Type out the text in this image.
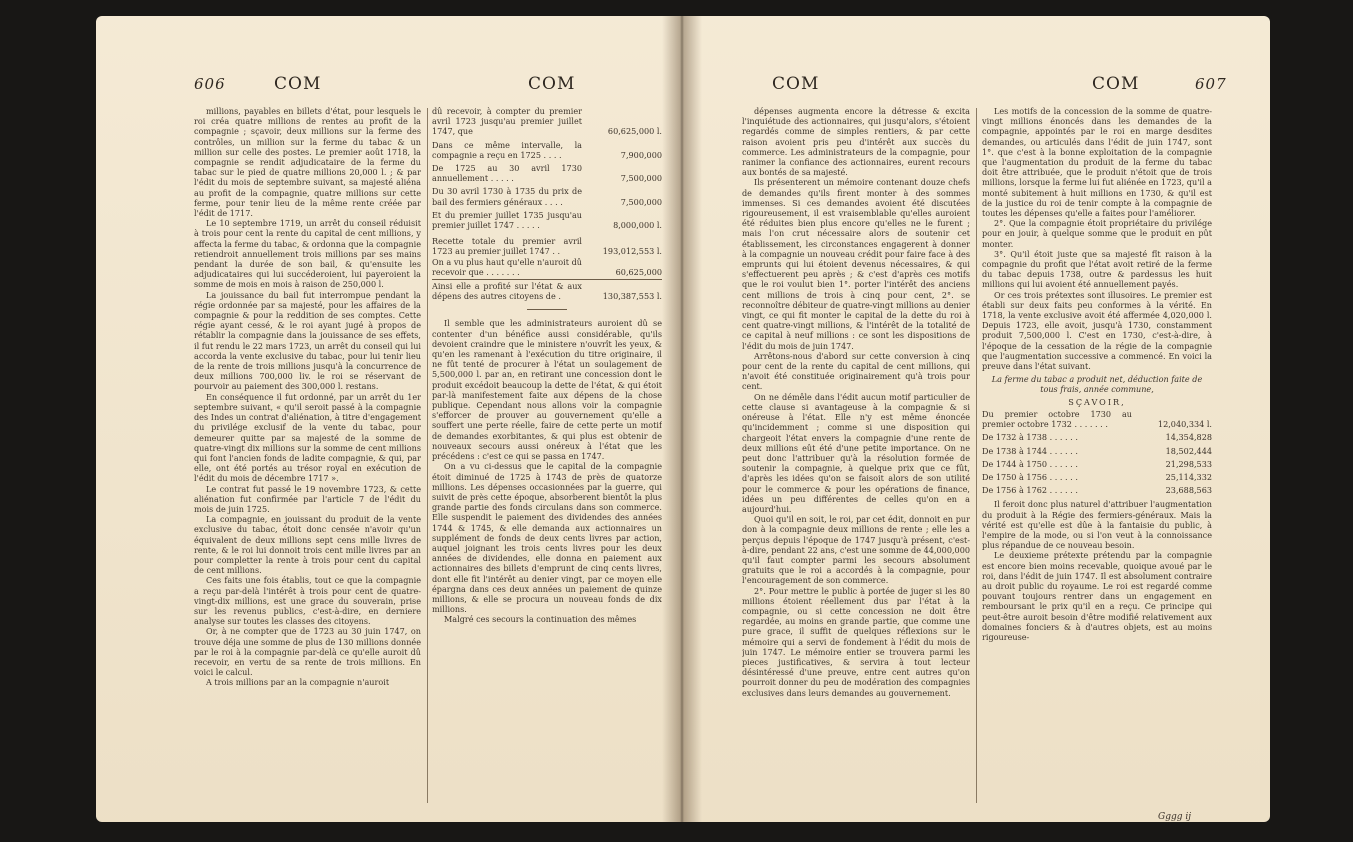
606	COM	COM

millions, payables en billets d'état, pour lesquels le roi créa quatre millions de rentes au profit de la compagnie ; sçavoir, deux millions sur la ferme des contrôles, un million sur la ferme du tabac & un million sur celle des postes. Le premier août 1718, la compagnie se rendit adjudicataire de la ferme du tabac sur le pied de quatre millions 20,000 l. ; & par l'édit du mois de septembre suivant, sa majesté aliéna au profit de la compagnie, quatre millions sur cette ferme, pour tenir lieu de la même rente créée par l'édit de 1717.

Le 10 septembre 1719, un arrêt du conseil réduisit à trois pour cent la rente du capital de cent millions, y affecta la ferme du tabac, & ordonna que la compagnie retiendroit annuellement trois millions par ses mains pendant la durée de son bail, & qu'ensuite les adjudicataires qui lui succéderoient, lui payeroient la somme de mois en mois à raison de 250,000 l.

La jouissance du bail fut interrompue pendant la régie ordonnée par sa majesté, pour les affaires de la compagnie & pour la reddition de ses comptes. Cette régie ayant cessé, & le roi ayant jugé à propos de rétablir la compagnie dans la jouissance de ses effets, il fut rendu le 22 mars 1723, un arrêt du conseil qui lui accorda la vente exclusive du tabac, pour lui tenir lieu de la rente de trois millions jusqu'à la concurrence de deux millions 700,000 liv. le roi se réservant de pourvoir au paiement des 300,000 l. restans.

En conséquence il fut ordonné, par un arrêt du 1er septembre suivant, « qu'il seroit passé à la compagnie des Indes un contrat d'aliénation, à titre d'engagement du privilége exclusif de la vente du tabac, pour demeurer quitte par sa majesté de la somme de quatre-vingt dix millions sur la somme de cent millions qui font l'ancien fonds de ladite compagnie, & qui, par elle, ont été portés au trésor royal en exécution de l'édit du mois de décembre 1717 ».

Le contrat fut passé le 19 novembre 1723, & cette aliénation fut confirmée par l'article 7 de l'édit du mois de juin 1725.

La compagnie, en jouissant du produit de la vente exclusive du tabac, étoit donc censée n'avoir qu'un équivalent de deux millions sept cens mille livres de rente, & le roi lui donnoit trois cent mille livres par an pour completter la rente à trois pour cent du capital de cent millions.

Ces faits une fois établis, tout ce que la compagnie a reçu par-delà l'intérêt à trois pour cent de quatre-vingt-dix millions, est une grace du souverain, prise sur les revenus publics, c'est-à-dire, en derniere analyse sur toutes les classes des citoyens.

Or, à ne compter que de 1723 au 30 juin 1747, on trouve déja une somme de plus de 130 millions donnée par le roi à la compagnie par-delà ce qu'elle auroit dû recevoir, en vertu de sa rente de trois millions. En voici le calcul.

A trois millions par an la compagnie n'auroit

dû recevoir, à compter du premier avril 1723 jusqu'au premier juillet 1747, que	60,625,000 l.
Dans ce même intervalle, la compagnie a reçu en 1725 . . . .	7,900,000
De 1725 au 30 avril 1730 annuellement . . . . .	7,500,000
Du 30 avril 1730 à 1735 du prix de bail des fermiers généraux . . . .	7,500,000
Et du premier juillet 1735 jusqu'au premier juillet 1747 . . . . .	8,000,000 l.
Recette totale du premier avril 1723 au premier juillet 1747 . .	193,012,553 l.
On a vu plus haut qu'elle n'auroit dû recevoir que . . . . . . .	60,625,000
Ainsi elle a profité sur l'état & aux dépens des autres citoyens de .	130,387,553 l.

Il semble que les administrateurs auroient dû se contenter d'un bénéfice aussi considérable, qu'ils devoient craindre que le ministere n'ouvrît les yeux, & qu'en les ramenant à l'exécution du titre originaire, il ne fût tenté de procurer à l'état un soulagement de 5,500,000 l. par an, en retirant une concession dont le produit excédoit beaucoup la dette de l'état, & qui étoit par-là manifestement faite aux dépens de la chose publique. Cependant nous allons voir la compagnie s'efforcer de prouver au gouvernement qu'elle a souffert une perte réelle, faire de cette perte un motif de demandes exorbitantes, & qui plus est obtenir de nouveaux secours aussi onéreux à l'état que les précédens : c'est ce qui se passa en 1747.

On a vu ci-dessus que le capital de la compagnie étoit diminué de 1725 à 1743 de près de quatorze millions. Les dépenses occasionnées par la guerre, qui suivit de près cette époque, absorberent bientôt la plus grande partie des fonds circulans dans son commerce. Elle suspendit le paiement des dividendes des années 1744 & 1745, & elle demanda aux actionnaires un supplément de fonds de deux cents livres par action, auquel joignant les trois cents livres pour les deux années de dividendes, elle donna en paiement aux actionnaires des billets d'emprunt de cinq cents livres, dont elle fit l'intérêt au denier vingt, par ce moyen elle épargna dans ces deux années un paiement de quinze millions, & elle se procura un nouveau fonds de dix millions.

Malgré ces secours la continuation des mêmes

COM	COM	607

dépenses augmenta encore la détresse & excita l'inquiétude des actionnaires, qui jusqu'alors, s'étoient regardés comme de simples rentiers, & par cette raison avoient pris peu d'intérêt aux succès du commerce. Les administrateurs de la compagnie, pour ranimer la confiance des actionnaires, eurent recours aux bontés de sa majesté.

Ils présenterent un mémoire contenant douze chefs de demandes qu'ils firent monter à des sommes immenses. Si ces demandes avoient été discutées rigoureusement, il est vraisemblable qu'elles auroient été réduites bien plus encore qu'elles ne le furent ; mais l'on crut nécessaire alors de soutenir cet établissement, les circonstances engagerent à donner à la compagnie un nouveau crédit pour faire face à des emprunts qui lui étoient devenus nécessaires, & qui s'effectuerent peu après ; & c'est d'après ces motifs que le roi voulut bien 1°. porter l'intérêt des anciens cent millions de trois à cinq pour cent, 2°. se reconnoître débiteur de quatre-vingt millions au denier vingt, ce qui fit monter le capital de la dette du roi à cent quatre-vingt millions, & l'intérêt de la totalité de ce capital à neuf millions : ce sont les dispositions de l'édit du mois de juin 1747.

Arrêtons-nous d'abord sur cette conversion à cinq pour cent de la rente du capital de cent millions, qui n'avoit été constituée originairement qu'à trois pour cent.

On ne démêle dans l'édit aucun motif particulier de cette clause si avantageuse à la compagnie & si onéreuse à l'état. Elle n'y est même énoncée qu'incidemment ; comme si une disposition qui chargeoit l'état envers la compagnie d'une rente de deux millions eût été d'une petite importance. On ne peut donc l'attribuer qu'à la résolution formée de soutenir la compagnie, à quelque prix que ce fût, d'après les idées qu'on se faisoit alors de son utilité pour le commerce & pour les opérations de finance, idées un peu différentes de celles qu'on en a aujourd'hui.

Quoi qu'il en soit, le roi, par cet édit, donnoit en pur don à la compagnie deux millions de rente ; elle les a perçus depuis l'époque de 1747 jusqu'à présent, c'est-à-dire, pendant 22 ans, c'est une somme de 44,000,000 qu'il faut compter parmi les secours absolument gratuits que le roi a accordés à la compagnie, pour l'encouragement de son commerce.

2°. Pour mettre le public à portée de juger si les 80 millions étoient réellement dus par l'état à la compagnie, ou si cette concession ne doit être regardée, au moins en grande partie, que comme une pure grace, il suffit de quelques réflexions sur le mémoire qui a servi de fondement à l'édit du mois de juin 1747. Le mémoire entier se trouvera parmi les pieces justificatives, & servira à tout lecteur désintéressé d'une preuve, entre cent autres qu'on pourroit donner du peu de modération des compagnies exclusives dans leurs demandes au gouvernement.

Les motifs de la concession de la somme de quatre-vingt millions énoncés dans les demandes de la compagnie, appointés par le roi en marge desdites demandes, ou articulés dans l'édit de juin 1747, sont 1°. que c'est à la bonne exploitation de la compagnie que l'augmentation du produit de la ferme du tabac doit être attribuée, que le produit n'étoit que de trois millions, lorsque la ferme lui fut aliénée en 1723, qu'il a monté subitement à huit millions en 1730, & qu'il est de la justice du roi de tenir compte à la compagnie de toutes les dépenses qu'elle a faites pour l'améliorer.

2°. Que la compagnie étoit propriétaire du privilége pour en jouir, à quelque somme que le produit en pût monter.

3°. Qu'il étoit juste que sa majesté fît raison à la compagnie du profit que l'état avoit retiré de la ferme du tabac depuis 1738, outre & pardessus les huit millions qui lui avoient été annuellement payés.

Or ces trois prétextes sont illusoires. Le premier est établi sur deux faits peu conformes à la vérité. En 1718, la vente exclusive avoit été affermée 4,020,000 l. Depuis 1723, elle avoit, jusqu'à 1730, constamment produit 7,500,000 l. C'est en 1730, c'est-à-dire, à l'époque de la cessation de la régie de la compagnie que l'augmentation successive a commencé. En voici la preuve dans l'état suivant.

La ferme du tabac a produit net, déduction faite de tous frais, année commune,

SÇAVOIR,

Du premier octobre 1730 au premier octobre 1732 . . . . . . .	12,040,334 l.
De 1732 à 1738 . . . . . .	14,354,828
De 1738 à 1744 . . . . . .	18,502,444
De 1744 à 1750 . . . . . .	21,298,533
De 1750 à 1756 . . . . . .	25,114,332
De 1756 à 1762 . . . . . .	23,688,563

Il feroit donc plus naturel d'attribuer l'augmentation du produit à la Régie des fermiers-généraux. Mais la vérité est qu'elle est dûe à la fantaisie du public, à l'empire de la mode, ou si l'on veut à la connoissance plus répandue de ce nouveau besoin.

Le deuxieme prétexte prétendu par la compagnie est encore bien moins recevable, quoique avoué par le roi, dans l'édit de juin 1747. Il est absolument contraire au droit public du royaume. Le roi est regardé comme pouvant toujours rentrer dans un engagement en remboursant le prix qu'il en a reçu. Ce principe qui peut-être auroit besoin d'être modifié relativement aux domaines fonciers & à d'autres objets, est au moins rigoureuse-

Gggg ij
